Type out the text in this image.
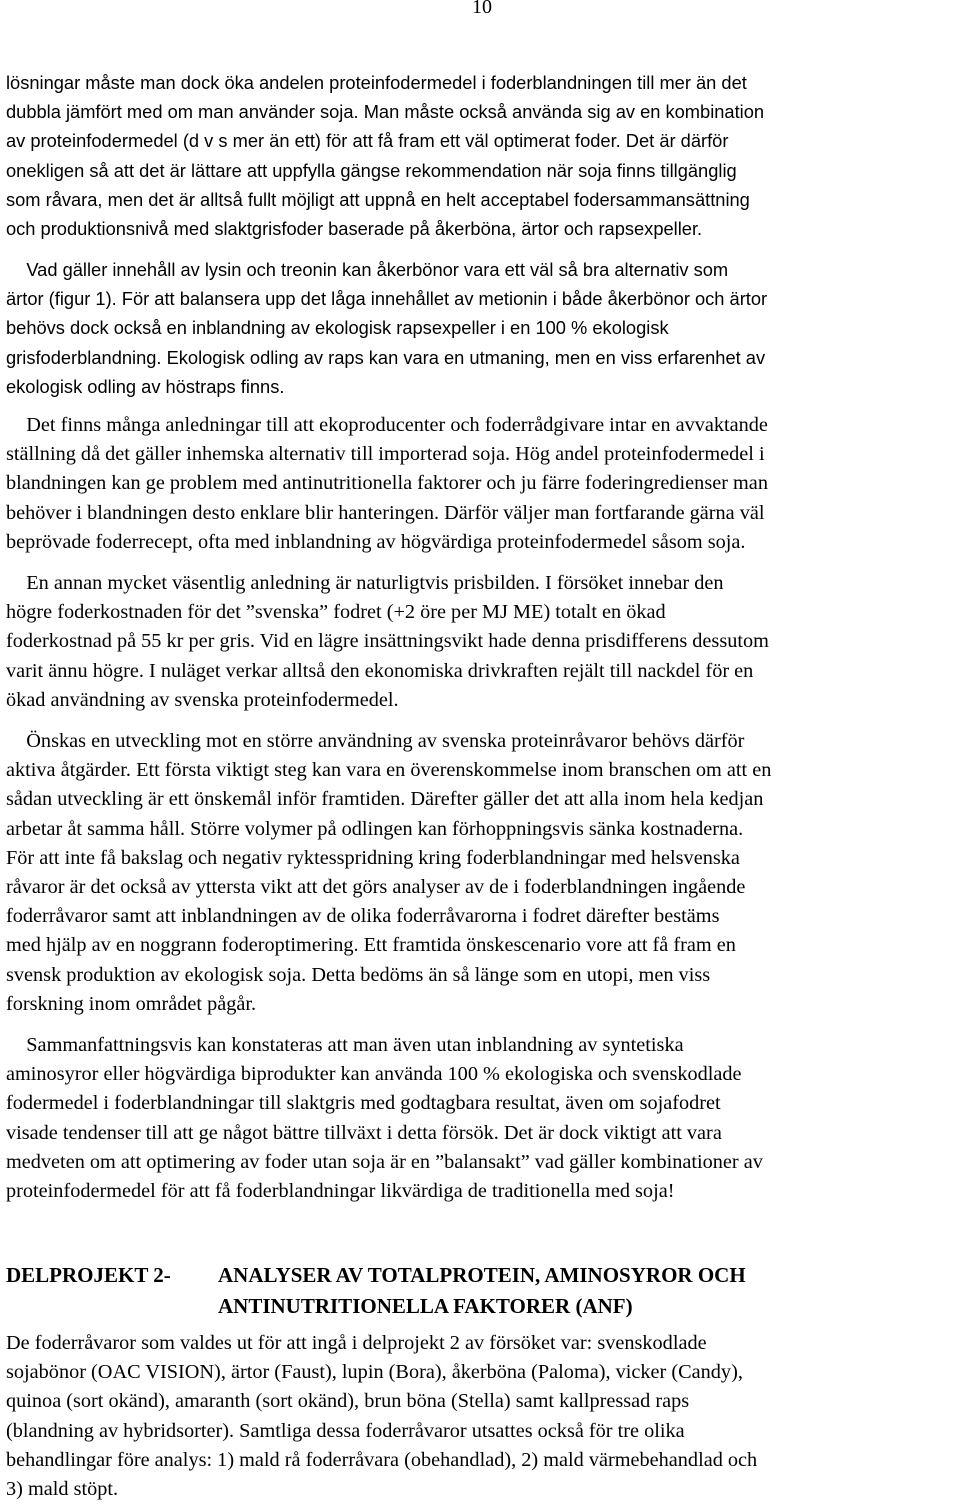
10
lösningar måste man dock öka andelen proteinfodermedel i foderblandningen till mer än det
dubbla jämfört med om man använder soja. Man måste också använda sig av en kombination
av proteinfodermedel (d v s mer än ett) för att få fram ett väl optimerat foder. Det är därför
onekligen så att det är lättare att uppfylla gängse rekommendation när soja finns tillgänglig
som råvara, men det är alltså fullt möjligt att uppnå en helt acceptabel fodersammansättning
och produktionsnivå med slaktgrisfoder baserade på åkerböna, ärtor och rapsexpeller.
Vad gäller innehåll av lysin och treonin kan åkerbönor vara ett väl så bra alternativ som
ärtor (figur 1). För att balansera upp det låga innehållet av metionin i både åkerbönor och ärtor
behövs dock också en inblandning av ekologisk rapsexpeller i en 100 % ekologisk
grisfoderblandning. Ekologisk odling av raps kan vara en utmaning, men en viss erfarenhet av
ekologisk odling av höstraps finns.
Det finns många anledningar till att ekoproducenter och foderrådgivare intar en avvaktande
ställning då det gäller inhemska alternativ till importerad soja. Hög andel proteinfodermedel i
blandningen kan ge problem med antinutritionella faktorer och ju färre foderingredienser man
behöver i blandningen desto enklare blir hanteringen. Därför väljer man fortfarande gärna väl
beprövade foderrecept, ofta med inblandning av högvärdiga proteinfodermedel såsom soja.
En annan mycket väsentlig anledning är naturligtvis prisbilden. I försöket innebar den
högre foderkostnaden för det ”svenska” fodret (+2 öre per MJ ME) totalt en ökad
foderkostnad på 55 kr per gris. Vid en lägre insättningsvikt hade denna prisdifferens dessutom
varit ännu högre. I nuläget verkar alltså den ekonomiska drivkraften rejält till nackdel för en
ökad användning av svenska proteinfodermedel.
Önskas en utveckling mot en större användning av svenska proteinråvaror behövs därför
aktiva åtgärder. Ett första viktigt steg kan vara en överenskommelse inom branschen om att en
sådan utveckling är ett önskemål inför framtiden. Därefter gäller det att alla inom hela kedjan
arbetar åt samma håll. Större volymer på odlingen kan förhoppningsvis sänka kostnaderna.
För att inte få bakslag och negativ ryktesspridning kring foderblandningar med helsvenska
råvaror är det också av yttersta vikt att det görs analyser av de i foderblandningen ingående
foderråvaror samt att inblandningen av de olika foderråvarorna i fodret därefter bestäms
med hjälp av en noggrann foderoptimering. Ett framtida önskescenario vore att få fram en
svensk produktion av ekologisk soja. Detta bedöms än så länge som en utopi, men viss
forskning inom området pågår.
Sammanfattningsvis kan konstateras att man även utan inblandning av syntetiska
aminosyror eller högvärdiga biprodukter kan använda 100 % ekologiska och svenskodlade
fodermedel i foderblandningar till slaktgris med godtagbara resultat, även om sojafodret
visade tendenser till att ge något bättre tillväxt i detta försök. Det är dock viktigt att vara
medveten om att optimering av foder utan soja är en ”balansakt” vad gäller kombinationer av
proteinfodermedel för att få foderblandningar likvärdiga de traditionella med soja!
DELPROJEKT 2-	ANALYSER AV TOTALPROTEIN, AMINOSYROR OCH
ANTINUTRITIONELLA FAKTORER (ANF)
De foderråvaror som valdes ut för att ingå i delprojekt 2 av försöket var: svenskodlade
sojabönor (OAC VISION), ärtor (Faust), lupin (Bora), åkerböna (Paloma), vicker (Candy),
quinoa (sort okänd), amaranth (sort okänd), brun böna (Stella) samt kallpressad raps
(blandning av hybridsorter). Samtliga dessa foderråvaror utsattes också för tre olika
behandlingar före analys: 1) mald rå foderråvara (obehandlad), 2) mald värmebehandlad och
3) mald stöpt.
